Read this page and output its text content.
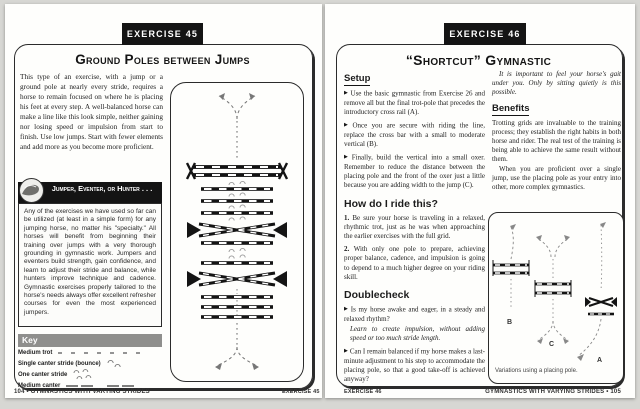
EXERCISE 45
Ground Poles between Jumps

This type of an exercise, with a jump or a ground pole at nearly every stride, requires a horse to remain focused on where he is placing his feet at every step. A well-balanced horse can make a line like this look simple, neither gaining nor losing speed or impulsion from start to finish. Use low jumps. Start with fewer elements and add more as you become more proficient.

Jumper, Eventer, or Hunter . . .
Any of the exercises we have used so far can be utilized (at least in a simple form) for any jumping horse, no matter his "specialty." All horses will benefit from beginning their training over jumps with a very thorough grounding in gymnastic work. Jumpers and eventers build strength, gain confidence, and learn to adjust their stride and balance, while hunters improve technique and cadence. Gymnastic exercises properly tailored to the horse's needs always offer excellent refresher courses for even the most experienced jumpers.
Key
Medium trot
Single canter stride (bounce)
One canter stride
Medium canter
104 • GYMNASTICS WITH VARYING STRIDES	EXERCISE 45
EXERCISE 46
“Shortcut” Gymnastic
Setup

▶ Use the basic gymnastic from Exercise 26 and remove all but the final trot-pole that precedes the introductory cross rail (A).

▶ Once you are secure with riding the line, replace the cross bar with a small to moderate vertical (B).

▶ Finally, build the vertical into a small oxer. Remember to reduce the distance between the placing pole and the front of the oxer just a little because you are adding width to the jump (C).

How do I ride this?

1. Be sure your horse is traveling in a relaxed, rhythmic trot, just as he was when approaching the earlier exercises with the full grid.

2. With only one pole to prepare, achieving proper balance, cadence, and impulsion is going to depend to a much higher degree on your riding skill.

Doublecheck

▶ Is my horse awake and eager, in a steady and relaxed rhythm?

Learn to create impulsion, without adding speed or too much stride length.

▶ Can I remain balanced if my horse makes a last-minute adjustment to his step to accommodate the placing pole, so that a good take-off is achieved anyway?

It is important to feel your horse's gait under you. Only by sitting quietly is this possible.

Benefits

Trotting grids are invaluable to the training process; they establish the right habits in both horse and rider. The real test of the training is being able to achieve the same result without them.

When you are proficient over a single jump, use the placing pole as your entry into other, more complex gymnastics.

B
C
A
Variations using a placing pole.
EXERCISE 46	GYMNASTICS WITH VARYING STRIDES • 105
